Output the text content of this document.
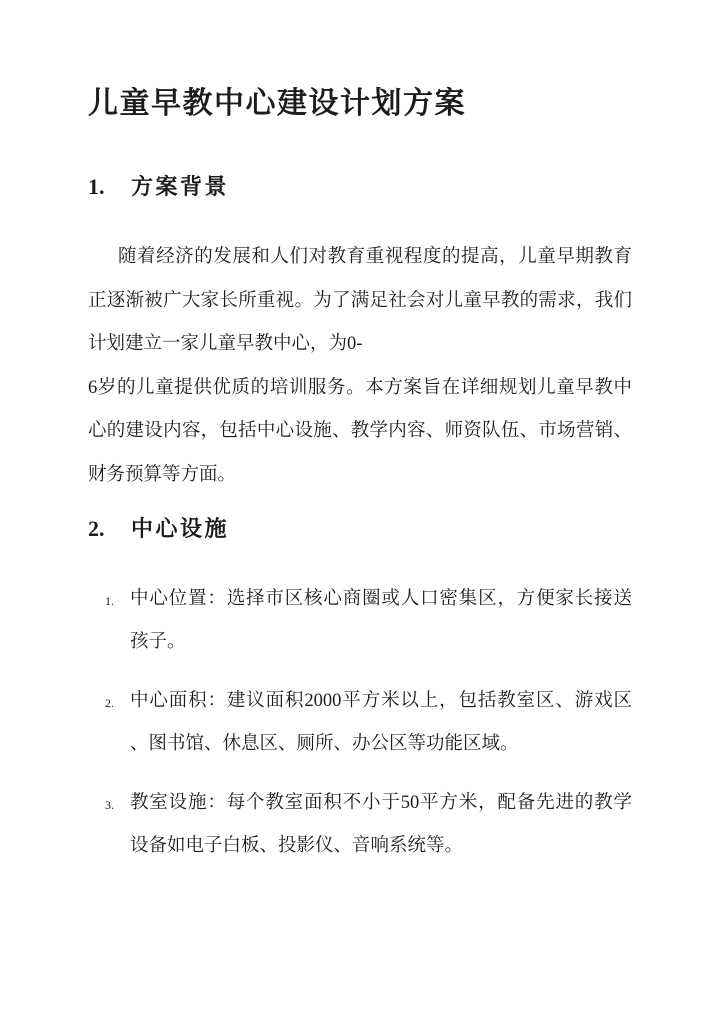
儿童早教中心建设计划方案
1. 方案背景
随着经济的发展和人们对教育重视程度的提高，儿童早期教育
正逐渐被广大家长所重视。为了满足社会对儿童早教的需求，我们
计划建立一家儿童早教中心，为0-
6岁的儿童提供优质的培训服务。本方案旨在详细规划儿童早教中
心的建设内容，包括中心设施、教学内容、师资队伍、市场营销、
财务预算等方面。
2. 中心设施
1. 中心位置：选择市区核心商圈或人口密集区，方便家长接送
孩子。
2. 中心面积：建议面积2000平方米以上，包括教室区、游戏区
、图书馆、休息区、厕所、办公区等功能区域。
3. 教室设施：每个教室面积不小于50平方米，配备先进的教学
设备如电子白板、投影仪、音响系统等。
